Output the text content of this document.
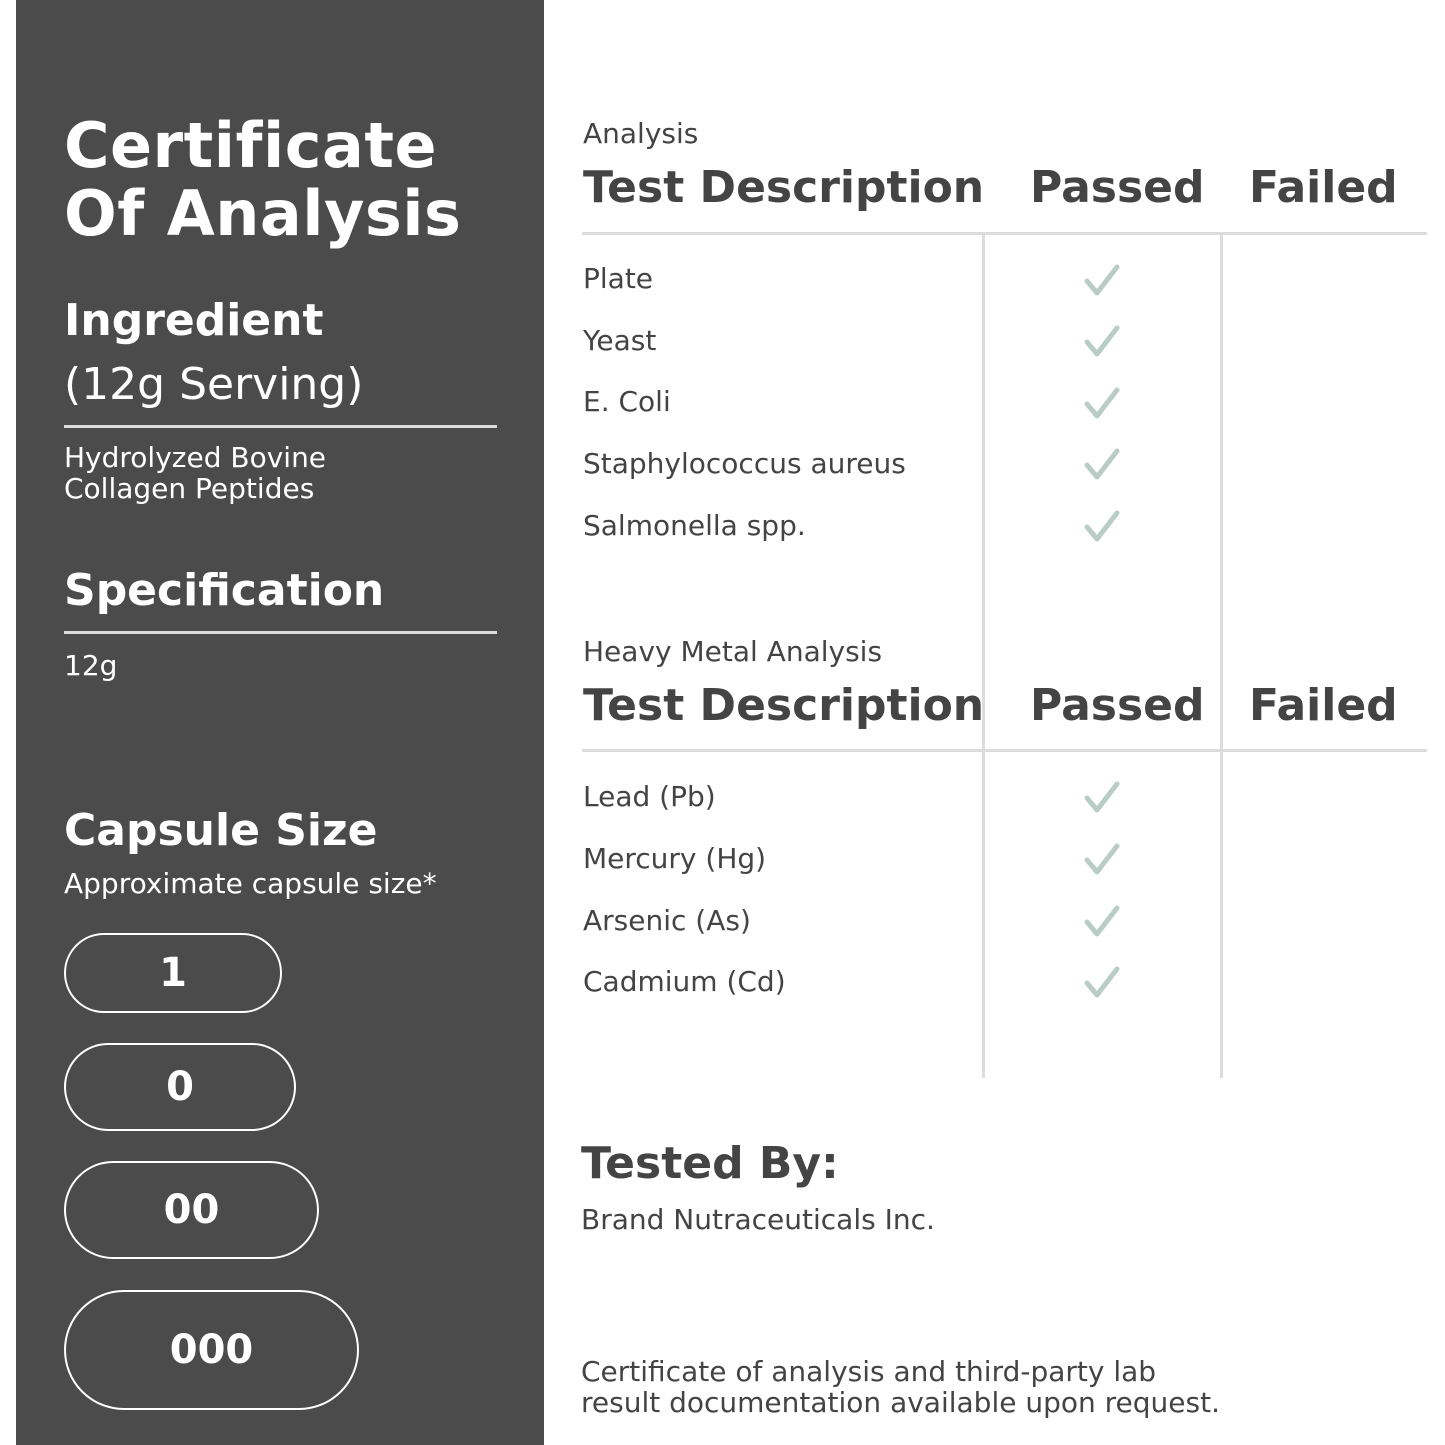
Certificate
Of Analysis
Ingredient
(12g Serving)
Hydrolyzed Bovine
Collagen Peptides
Specification
12g
Capsule Size
Approximate capsule size*
1
0
00
000
Analysis
Test Description Passed Failed
Plate
Yeast
E. Coli
Staphylococcus aureus
Salmonella spp.
Heavy Metal Analysis
Test Description Passed Failed
Lead (Pb)
Mercury (Hg)
Arsenic (As)
Cadmium (Cd)
Tested By:
Brand Nutraceuticals Inc.
Certificate of analysis and third-party lab
result documentation available upon request.
